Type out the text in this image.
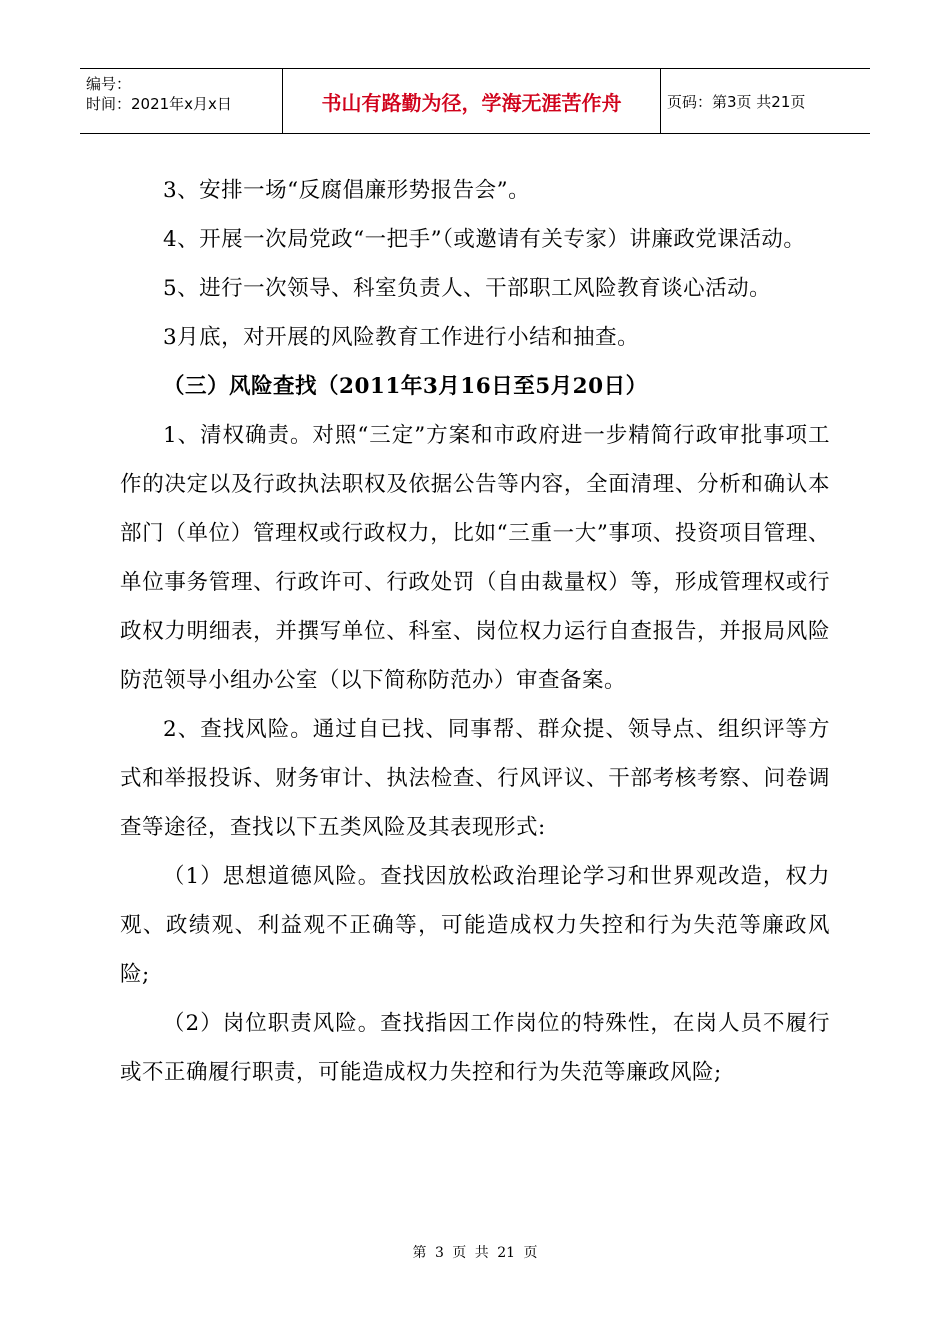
编号：
时间：2021年x月x日	书山有路勤为径，学海无涯苦作舟	页码：第3页 共21页

3、安排一场“反腐倡廉形势报告会”。

4、开展一次局党政“一把手”（或邀请有关专家）讲廉政党课活动。

5、进行一次领导、科室负责人、干部职工风险教育谈心活动。

3月底，对开展的风险教育工作进行小结和抽查。

（三）风险查找（2011年3月16日至5月20日）

1、清权确责。对照“三定”方案和市政府进一步精简行政审批事项工作的决定以及行政执法职权及依据公告等内容，全面清理、分析和确认本部门（单位）管理权或行政权力，比如“三重一大”事项、投资项目管理、单位事务管理、行政许可、行政处罚（自由裁量权）等，形成管理权或行政权力明细表，并撰写单位、科室、岗位权力运行自查报告，并报局风险防范领导小组办公室（以下简称防范办）审查备案。

2、查找风险。通过自已找、同事帮、群众提、领导点、组织评等方式和举报投诉、财务审计、执法检查、行风评议、干部考核考察、问卷调查等途径，查找以下五类风险及其表现形式:

（1）思想道德风险。查找因放松政治理论学习和世界观改造，权力观、政绩观、利益观不正确等，可能造成权力失控和行为失范等廉政风险;

（2）岗位职责风险。查找指因工作岗位的特殊性，在岗人员不履行或不正确履行职责，可能造成权力失控和行为失范等廉政风险;

第 3 页 共 21 页
